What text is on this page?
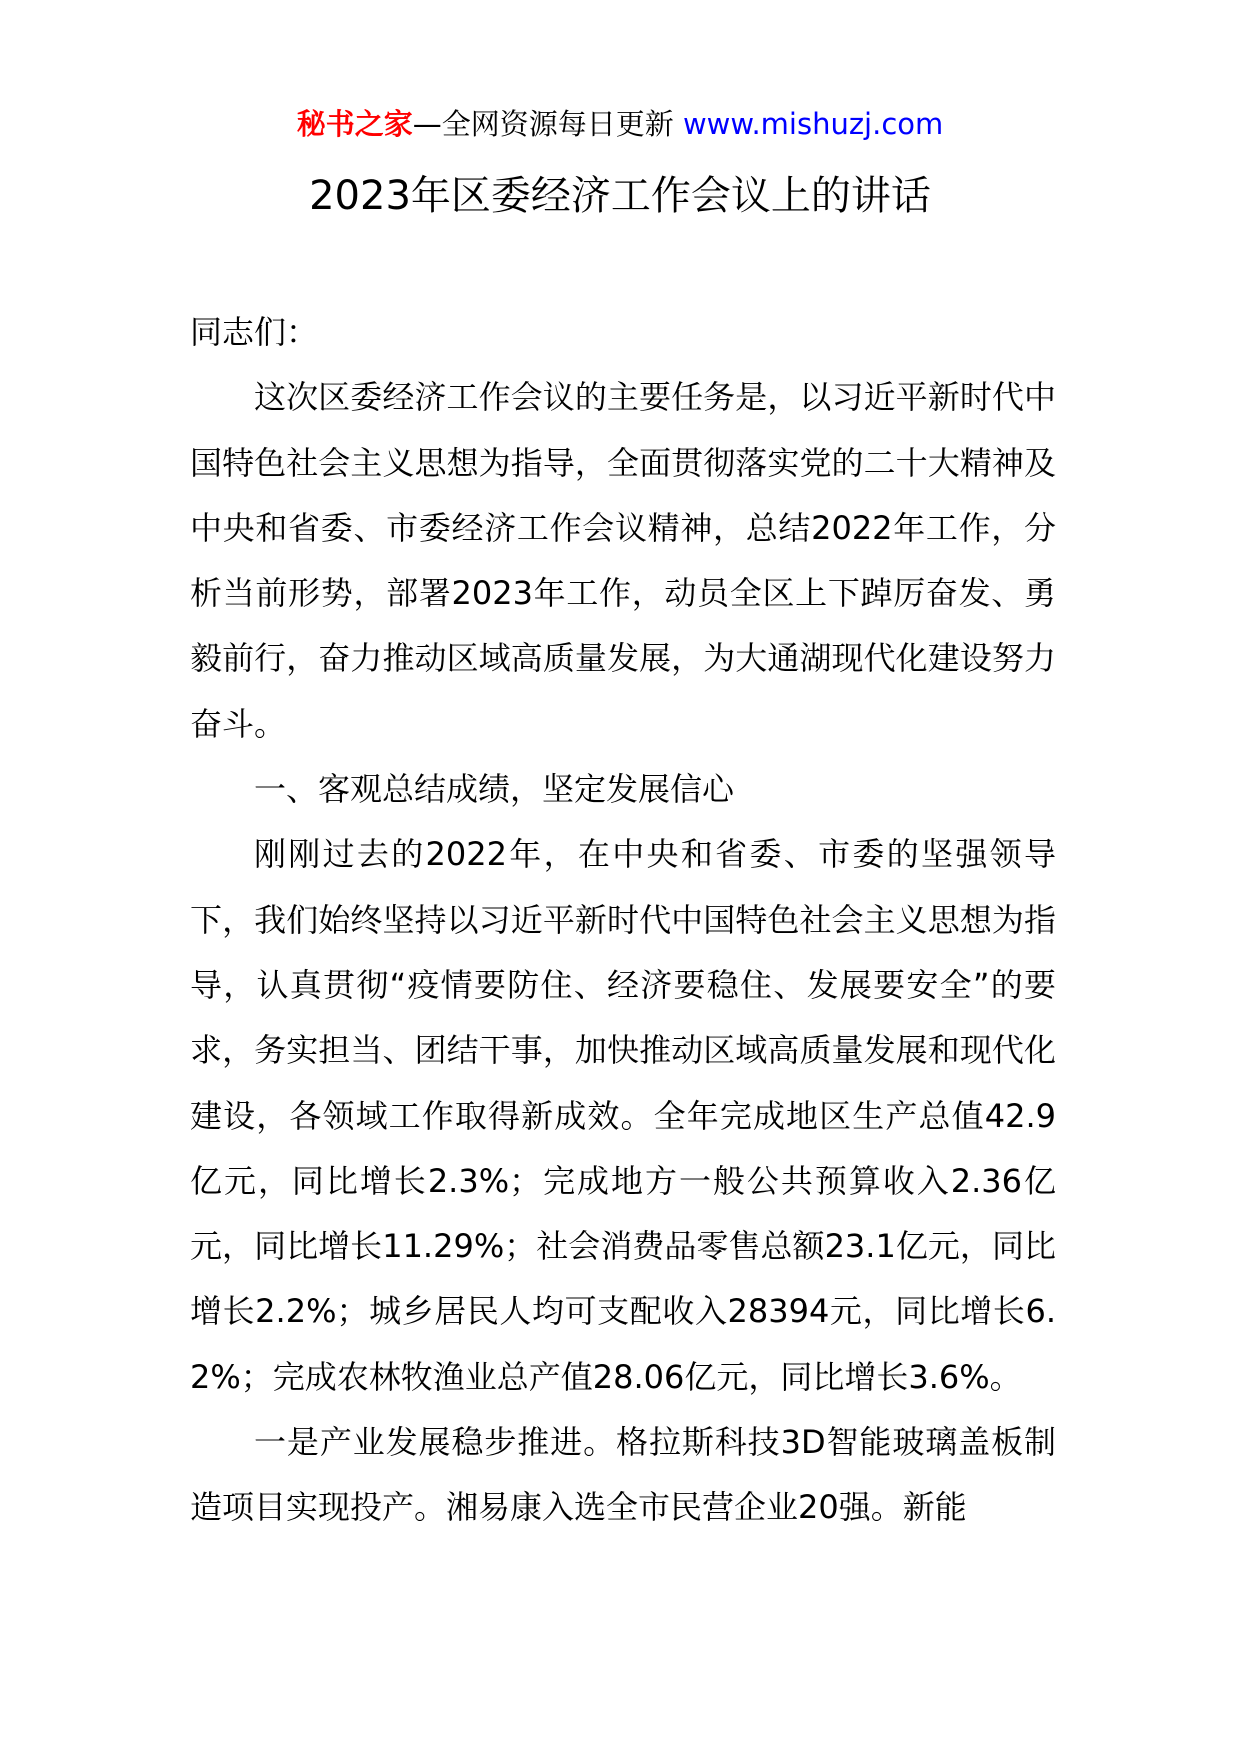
秘书之家—全网资源每日更新 www.mishuzj.com
2023年区委经济工作会议上的讲话

同志们：

这次区委经济工作会议的主要任务是，以习近平新时代中国特色社会主义思想为指导，全面贯彻落实党的二十大精神及中央和省委、市委经济工作会议精神，总结2022年工作，分析当前形势，部署2023年工作，动员全区上下踔厉奋发、勇毅前行，奋力推动区域高质量发展，为大通湖现代化建设努力奋斗。

一、客观总结成绩，坚定发展信心

刚刚过去的2022年，在中央和省委、市委的坚强领导下，我们始终坚持以习近平新时代中国特色社会主义思想为指导，认真贯彻“疫情要防住、经济要稳住、发展要安全”的要求，务实担当、团结干事，加快推动区域高质量发展和现代化建设，各领域工作取得新成效。全年完成地区生产总值42.9亿元，同比增长2.3%；完成地方一般公共预算收入2.36亿元，同比增长11.29%；社会消费品零售总额23.1亿元，同比增长2.2%；城乡居民人均可支配收入28394元，同比增长6.2%；完成农林牧渔业总产值28.06亿元，同比增长3.6%。

一是产业发展稳步推进。格拉斯科技3D智能玻璃盖板制造项目实现投产。湘易康入选全市民营企业20强。新能
